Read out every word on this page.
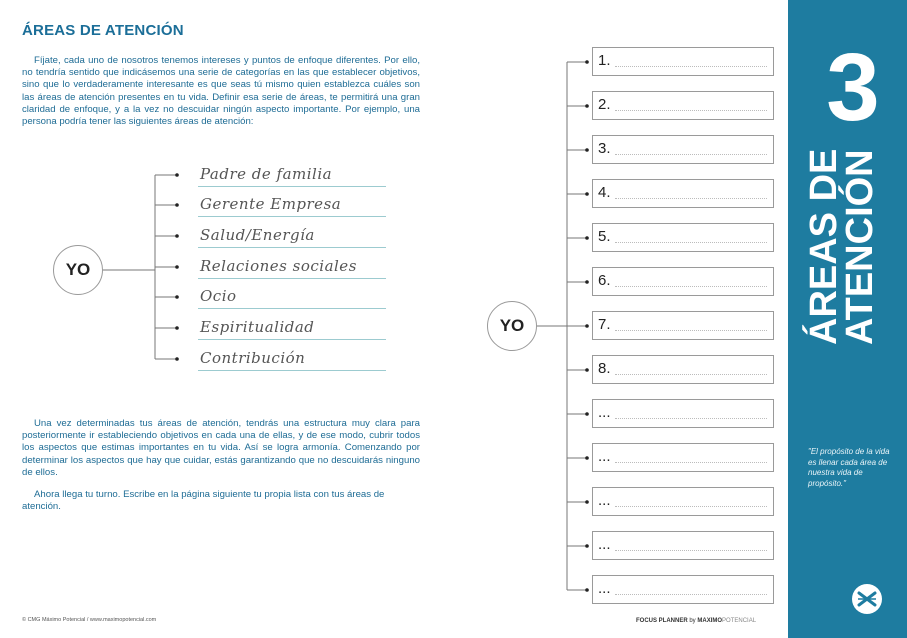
ÁREAS DE ATENCIÓN

Fíjate, cada uno de nosotros tenemos intereses y puntos de enfoque diferentes. Por ello, no tendría sentido que indicásemos una serie de categorías en las que establecer objetivos, sino que lo verdaderamente interesante es que seas tú mismo quien establezca cuáles son las áreas de atención presentes en tu vida. Definir esa serie de áreas, te permitirá una gran claridad de enfoque, y a la vez no descuidar ningún aspecto importante. Por ejemplo, una persona podría tener las siguientes áreas de atención:

YO
Padre de familia
Gerente Empresa
Salud/Energía
Relaciones sociales
Ocio
Espiritualidad
Contribución

Una vez determinadas tus áreas de atención, tendrás una estructura muy clara para posteriormente ir estableciendo objetivos en cada una de ellas, y de ese modo, cubrir todos los aspectos que estimas importantes en tu vida. Así se logra armonía. Comenzando por determinar los aspectos que hay que cuidar, estás garantizando que no descuidarás ninguno de ellos.

Ahora llega tu turno. Escribe en la página siguiente tu propia lista con tus áreas de atención.

© CMG Máximo Potencial / www.maximopotencial.com
YO
1.
2.
3.
4.
5.
6.
7.
8.
...
...
...
...
...
FOCUS PLANNER by MAXIMOPOTENCIAL
3
ÁREAS DE
ATENCIÓN
"El propósito de la vida es llenar cada área de nuestra vida de propósito."
